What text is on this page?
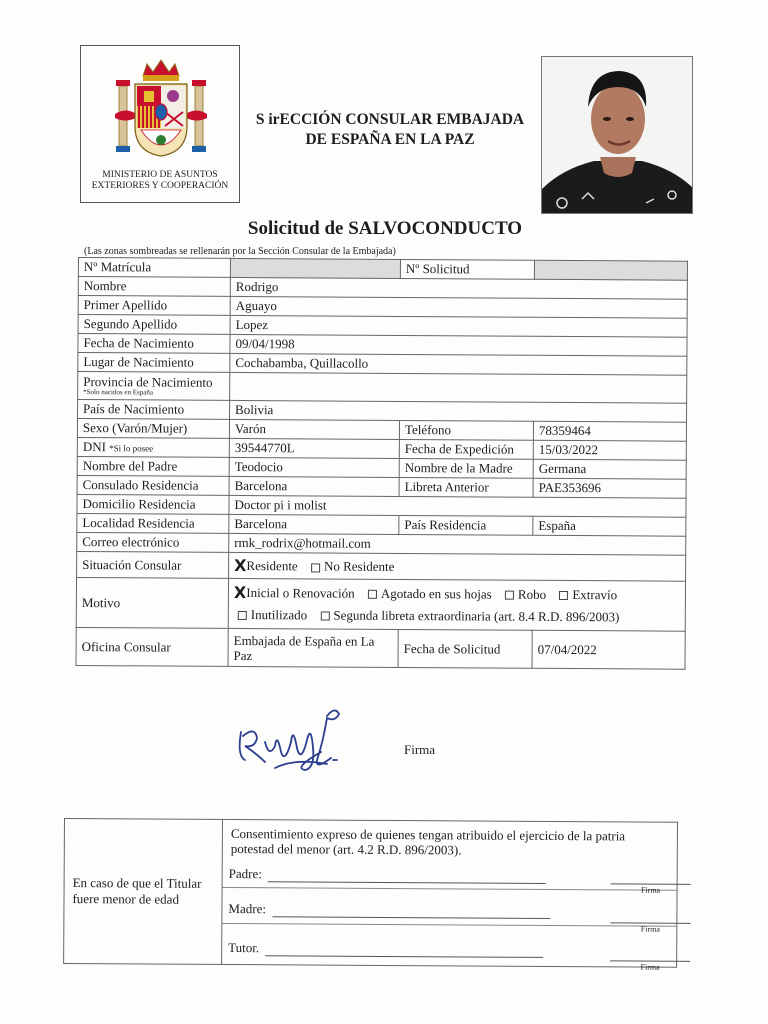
MINISTERIO DE ASUNTOS
EXTERIORES Y COOPERACIÓN
S irECCIÓN CONSULAR EMBAJADA
DE ESPAÑA EN LA PAZ
Solicitud de SALVOCONDUCTO
(Las zonas sombreadas se rellenarán por la Sección Consular de la Embajada)
Nº Matrícula		Nº Solicitud	
Nombre	Rodrigo		
Primer Apellido	Aguayo		
Segundo Apellido	Lopez		
Fecha de Nacimiento	09/04/1998		
Lugar de Nacimiento	Cochabamba, Quillacollo		
Provincia de Nacimiento
*Solo nacidos en España			

País de Nacimiento	Bolivia		
Sexo (Varón/Mujer)	Varón	Teléfono	78359464
DNI *Si lo posee	39544770L	Fecha de Expedición	15/03/2022
Nombre del Padre	Teodocio	Nombre de la Madre	Germana
Consulado Residencia	Barcelona	Libreta Anterior	PAE353696
Domicilio Residencia	Doctor pi i molist		
Localidad Residencia	Barcelona	País Residencia	España
Correo electrónico	rmk_rodrix@hotmail.com		
Situación Consular	XResidente No Residente		
Motivo	XInicial o Renovación Agotado en sus hojas Robo Extravío
Inutilizado Segunda libreta extraordinaria (art. 8.4 R.D. 896/2003)		

Oficina Consular	Embajada de España en La Paz	Fecha de Solicitud	07/04/2022
Firma
En caso de que el Titular fuere menor de edad
Consentimiento expreso de quienes tengan atribuido el ejercicio de la patria potestad del menor (art. 4.2 R.D. 896/2003).
Padre:
Firma
Madre:
Firma
Tutor.
Firma
